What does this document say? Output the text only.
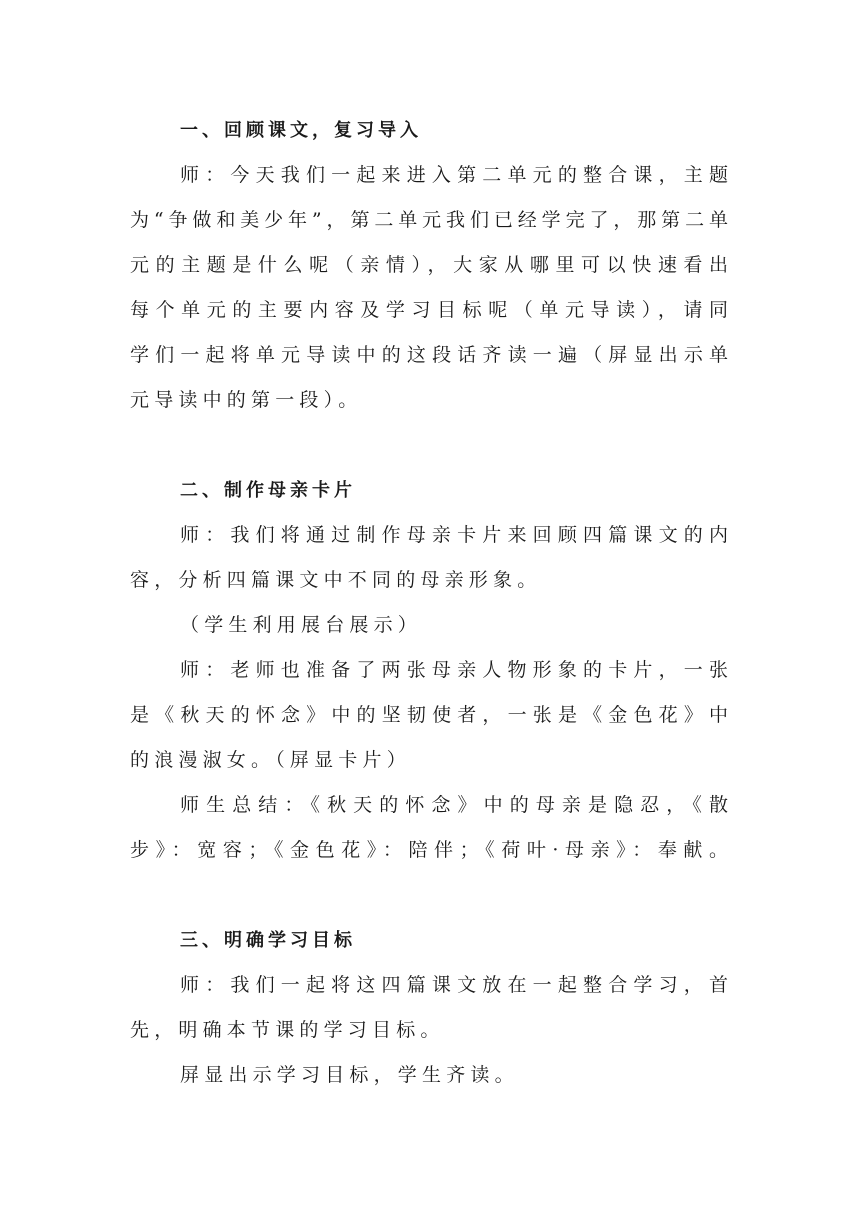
一、回顾课文，复习导入
师：今天我们一起来进入第二单元的整合课，主题
为“争做和美少年”，第二单元我们已经学完了，那第二单
元的主题是什么呢（亲情），大家从哪里可以快速看出
每个单元的主要内容及学习目标呢（单元导读），请同
学们一起将单元导读中的这段话齐读一遍（屏显出示单
元导读中的第一段）。
二、制作母亲卡片
师：我们将通过制作母亲卡片来回顾四篇课文的内
容，分析四篇课文中不同的母亲形象。
（学生利用展台展示）
师：老师也准备了两张母亲人物形象的卡片，一张
是《秋天的怀念》中的坚韧使者，一张是《金色花》中
的浪漫淑女。（屏显卡片）
师生总结：《秋天的怀念》中的母亲是隐忍，《散
步》：宽容；《金色花》：陪伴；《荷叶·母亲》：奉献。
三、明确学习目标
师：我们一起将这四篇课文放在一起整合学习，首
先，明确本节课的学习目标。
屏显出示学习目标，学生齐读。
